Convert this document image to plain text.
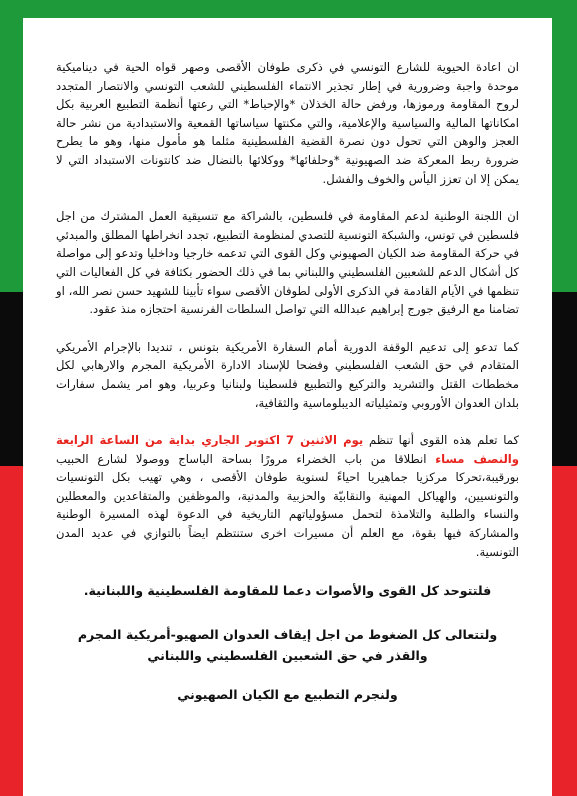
ان اعادة الحيوية للشارع التونسي في ذكرى طوفان الأقصى وصهر قواه الحية في ديناميكية موحدة واجبة وضرورية في إطار تجذير الانتماء الفلسطيني للشعب التونسي والانتصار المتجدد لروح المقاومة ورموزها، ورفض حالة الخذلان *والإحباط* التي رعتها أنظمة التطبيع العربية بكل امكاناتها المالية والسياسية والإعلامية، والتي مكنتها سياساتها القمعية والاستبدادية من نشر حالة العجز والوهن التي تحول دون نصرة القضية الفلسطينية مثلما هو مأمول منها، وهو ما يطرح ضرورة ربط المعركة ضد الصهيونية *وحلفائها* ووكلائها بالنضال ضد كانتونات الاستبداد التي لا يمكن إلا ان تعزز اليأس والخوف والفشل.

ان اللجنة الوطنية لدعم المقاومة في فلسطين، بالشراكة مع تنسيقية العمل المشترك من اجل فلسطين في تونس، والشبكة التونسية للتصدي لمنظومة التطبيع، تجدد انخراطها المطلق والمبدئي في حركة المقاومة ضد الكيان الصهيوني وكل القوى التي تدعمه خارجيا وداخليا وتدعو إلى مواصلة كل أشكال الدعم للشعبين الفلسطيني واللبناني بما في ذلك الحضور بكثافة في كل الفعاليات التي تنظمها في الأيام القادمة في الذكرى الأولى لطوفان الأقصى سواء تأبينا للشهيد حسن نصر الله، او تضامنا مع الرفيق جورج إبراهيم عبدالله التي تواصل السلطات الفرنسية احتجازه منذ عقود.

كما تدعو إلى تدعيم الوقفة الدورية أمام السفارة الأمريكية بتونس ، تنديدا بالإجرام الأمريكي المتقادم في حق الشعب الفلسطيني وفضحا للإسناد الادارة الأمريكية المجرم والارهابي لكل مخططات القتل والتشريد والتركيع والتطبيع فلسطينا ولبنانيا وعربيا، وهو امر يشمل سفارات بلدان العدوان الأوروبي وتمثيلياته الديبلوماسية والثقافية،

كما تعلم هذه القوى أنها تنظم يوم الاثنين 7 اكتوبر الجاري بداية من الساعة الرابعة والنصف مساء انطلاقا من باب الخضراء مرورًا بساحة الباساج ووصولا لشارع الحبيب بورقيبة،تحركا مركزيا جماهيريا احياءً لسنوية طوفان الأقصى ، وهي تهيب بكل التونسيات والتونسيين، والهياكل المهنية والنقابيّة والحزبية والمدنية، والموظفين والمتقاعدين والمعطلين والنساء والطلبة والتلامذة لتحمل مسؤولياتهم التاريخية في الدعوة لهذه المسيرة الوطنية والمشاركة فيها بقوة، مع العلم أن مسيرات اخرى ستنتظم ايضاً بالتوازي في عديد المدن التونسية.

فلتتوحد كل القوى والأصوات دعما للمقاومة الفلسطينية واللبنانية.

ولتتعالى كل الضغوط من اجل إيقاف العدوان الصهيو-أمريكية المجرم والقذر في حق الشعبين الفلسطيني واللبناني

ولنجرم التطبيع مع الكيان الصهيوني
